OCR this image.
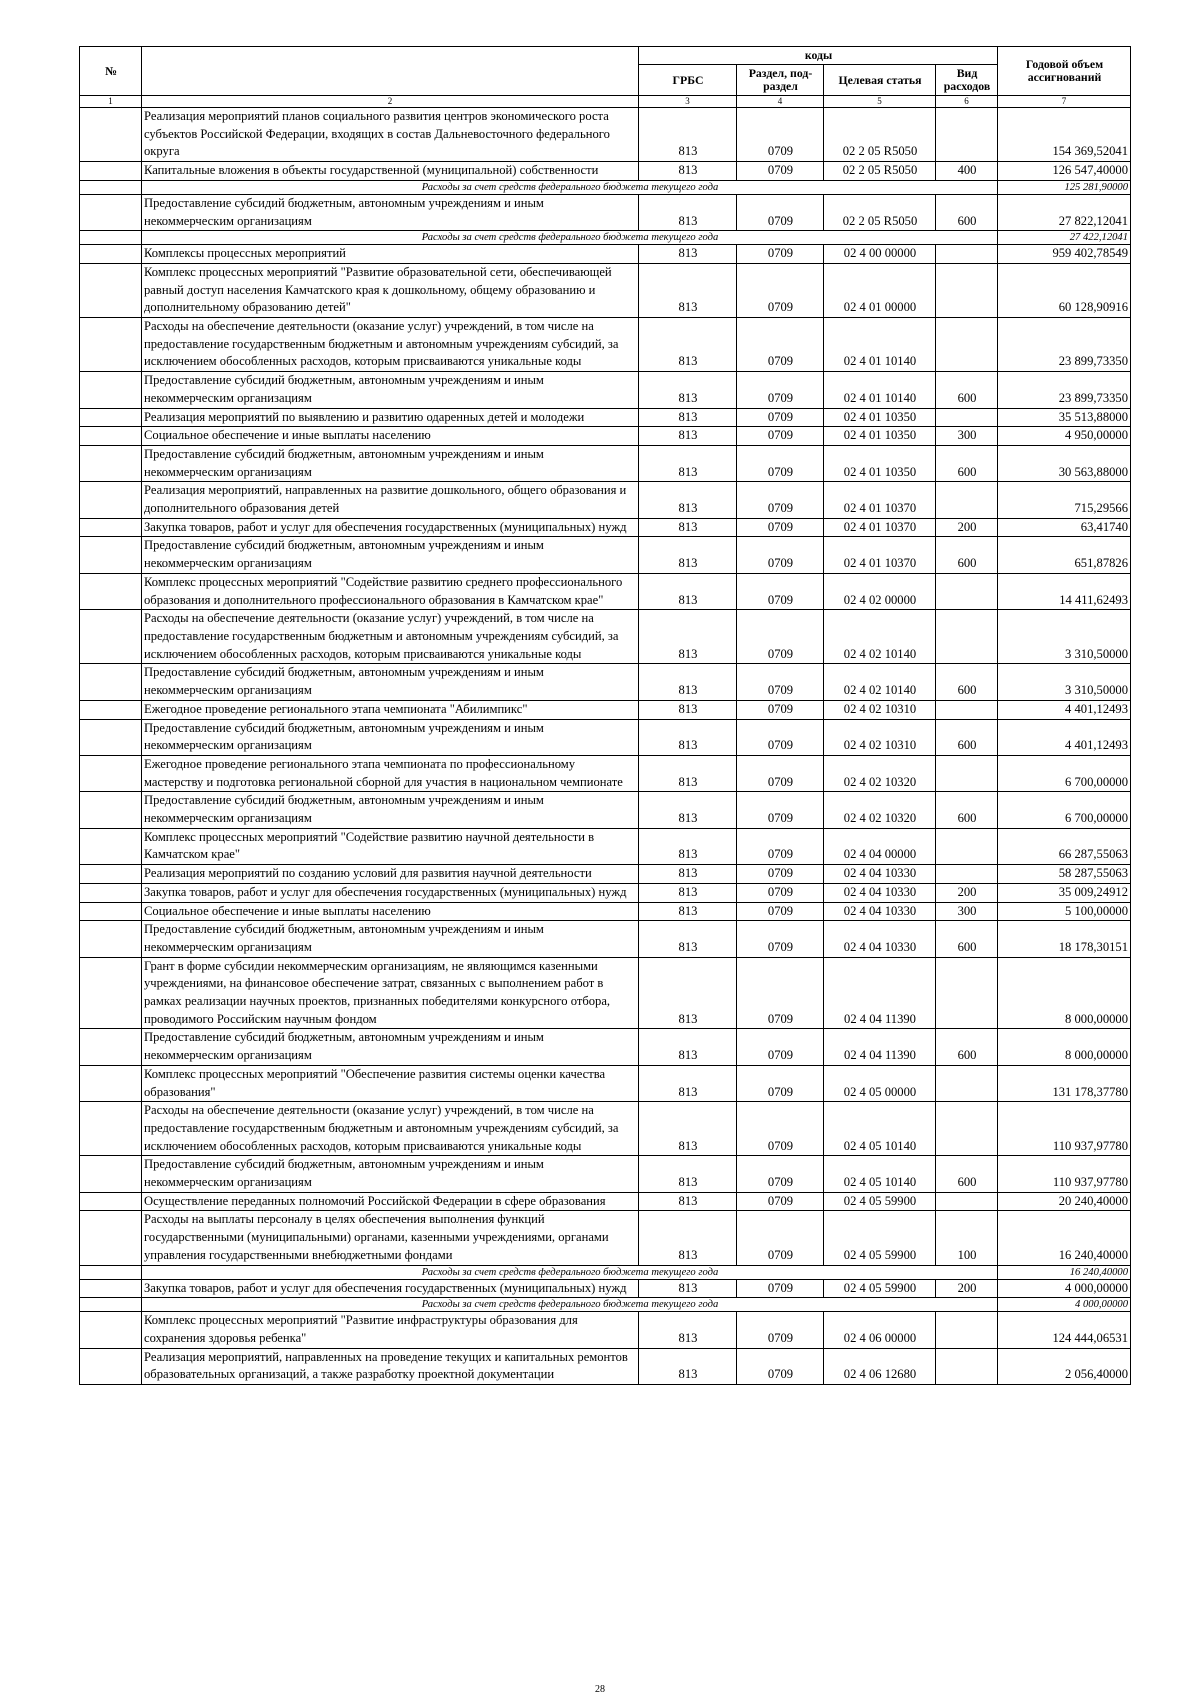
№		коды				Годовой объем ассигнований
		ГРБС	Раздел, под-раздел	Целевая статья	Вид расходов	
1	2	3	4	5	6	7
	Реализация мероприятий планов социального развития центров экономического роста субъектов Российской Федерации, входящих в состав Дальневосточного федерального округа	813	0709	02 2 05 R5050		154 369,52041
	Капитальные вложения в объекты государственной (муниципальной) собственности	813	0709	02 2 05 R5050	400	126 547,40000
	Расходы за счет средств федерального бюджета текущего года					125 281,90000
	Предоставление субсидий бюджетным, автономным учреждениям и иным некоммерческим организациям	813	0709	02 2 05 R5050	600	27 822,12041
	Расходы за счет средств федерального бюджета текущего года					27 422,12041
	Комплексы процессных мероприятий	813	0709	02 4 00 00000		959 402,78549
	Комплекс процессных мероприятий "Развитие образовательной сети, обеспечивающей равный доступ населения Камчатского края к дошкольному, общему образованию и дополнительному образованию детей"	813	0709	02 4 01 00000		60 128,90916
	Расходы на обеспечение деятельности (оказание услуг) учреждений, в том числе на предоставление государственным бюджетным и автономным учреждениям субсидий, за исключением обособленных расходов, которым присваиваются уникальные коды	813	0709	02 4 01 10140		23 899,73350
	Предоставление субсидий бюджетным, автономным учреждениям и иным некоммерческим организациям	813	0709	02 4 01 10140	600	23 899,73350
	Реализация мероприятий по выявлению и развитию одаренных детей и молодежи	813	0709	02 4 01 10350		35 513,88000
	Социальное обеспечение и иные выплаты населению	813	0709	02 4 01 10350	300	4 950,00000
	Предоставление субсидий бюджетным, автономным учреждениям и иным некоммерческим организациям	813	0709	02 4 01 10350	600	30 563,88000
	Реализация мероприятий, направленных на развитие дошкольного, общего образования и дополнительного образования детей	813	0709	02 4 01 10370		715,29566
	Закупка товаров, работ и услуг для обеспечения государственных (муниципальных) нужд	813	0709	02 4 01 10370	200	63,41740
	Предоставление субсидий бюджетным, автономным учреждениям и иным некоммерческим организациям	813	0709	02 4 01 10370	600	651,87826
	Комплекс процессных мероприятий "Содействие развитию среднего профессионального образования и дополнительного профессионального образования в Камчатском крае"	813	0709	02 4 02 00000		14 411,62493
	Расходы на обеспечение деятельности (оказание услуг) учреждений, в том числе на предоставление государственным бюджетным и автономным учреждениям субсидий, за исключением обособленных расходов, которым присваиваются уникальные коды	813	0709	02 4 02 10140		3 310,50000
	Предоставление субсидий бюджетным, автономным учреждениям и иным некоммерческим организациям	813	0709	02 4 02 10140	600	3 310,50000
	Ежегодное проведение регионального этапа чемпионата "Абилимпикс"	813	0709	02 4 02 10310		4 401,12493
	Предоставление субсидий бюджетным, автономным учреждениям и иным некоммерческим организациям	813	0709	02 4 02 10310	600	4 401,12493
	Ежегодное проведение регионального этапа чемпионата по профессиональному мастерству и подготовка региональной сборной для участия в национальном чемпионате	813	0709	02 4 02 10320		6 700,00000
	Предоставление субсидий бюджетным, автономным учреждениям и иным некоммерческим организациям	813	0709	02 4 02 10320	600	6 700,00000
	Комплекс процессных мероприятий "Содействие развитию научной деятельности в Камчатском крае"	813	0709	02 4 04 00000		66 287,55063
	Реализация мероприятий по созданию условий для развития научной деятельности	813	0709	02 4 04 10330		58 287,55063
	Закупка товаров, работ и услуг для обеспечения государственных (муниципальных) нужд	813	0709	02 4 04 10330	200	35 009,24912
	Социальное обеспечение и иные выплаты населению	813	0709	02 4 04 10330	300	5 100,00000
	Предоставление субсидий бюджетным, автономным учреждениям и иным некоммерческим организациям	813	0709	02 4 04 10330	600	18 178,30151
	Грант в форме субсидии некоммерческим организациям, не являющимся казенными учреждениями, на финансовое обеспечение затрат, связанных с выполнением работ в рамках реализации научных проектов, признанных победителями конкурсного отбора, проводимого Российским научным фондом	813	0709	02 4 04 11390		8 000,00000
	Предоставление субсидий бюджетным, автономным учреждениям и иным некоммерческим организациям	813	0709	02 4 04 11390	600	8 000,00000
	Комплекс процессных мероприятий "Обеспечение развития системы оценки качества образования"	813	0709	02 4 05 00000		131 178,37780
	Расходы на обеспечение деятельности (оказание услуг) учреждений, в том числе на предоставление государственным бюджетным и автономным учреждениям субсидий, за исключением обособленных расходов, которым присваиваются уникальные коды	813	0709	02 4 05 10140		110 937,97780
	Предоставление субсидий бюджетным, автономным учреждениям и иным некоммерческим организациям	813	0709	02 4 05 10140	600	110 937,97780
	Осуществление переданных полномочий Российской Федерации в сфере образования	813	0709	02 4 05 59900		20 240,40000
	Расходы на выплаты персоналу в целях обеспечения выполнения функций государственными (муниципальными) органами, казенными учреждениями, органами управления государственными внебюджетными фондами	813	0709	02 4 05 59900	100	16 240,40000
	Расходы за счет средств федерального бюджета текущего года					16 240,40000
	Закупка товаров, работ и услуг для обеспечения государственных (муниципальных) нужд	813	0709	02 4 05 59900	200	4 000,00000
	Расходы за счет средств федерального бюджета текущего года					4 000,00000
	Комплекс процессных мероприятий "Развитие инфраструктуры образования для сохранения здоровья ребенка"	813	0709	02 4 06 00000		124 444,06531
	Реализация мероприятий, направленных на проведение текущих и капитальных ремонтов образовательных организаций, а также разработку проектной документации	813	0709	02 4 06 12680		2 056,40000
28
